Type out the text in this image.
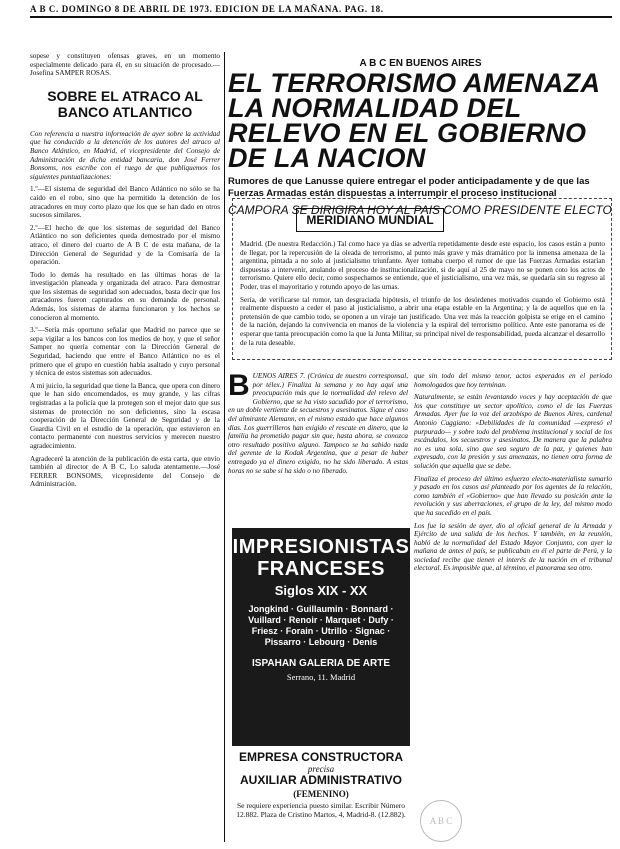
A B C. DOMINGO 8 DE ABRIL DE 1973. EDICION DE LA MAÑANA. PAG. 18.

sopese y constituyen ofensas graves, en un momento especialmente delicado para él, en su situación de procesado.—Josefina SAMPER ROSAS.

SOBRE EL ATRACO AL BANCO ATLANTICO

Con referencia a nuestra información de ayer sobre la actividad que ha conducido a la detención de los autores del atraco al Banco Atlántico, en Madrid, el vicepresidente del Consejo de Administración de dicha entidad bancaria, don José Ferrer Bonsoms, nos escribe con el ruego de que publiquemos los siguientes puntualizaciones:

1.º—El sistema de seguridad del Banco Atlántico no sólo se ha caído en el robo, sino que ha permitido la detención de los atracadores en muy corto plazo que los que se han dado en otros sucesos similares.

2.º—El hecho de que los sistemas de seguridad del Banco Atlántico no son deficientes queda demostrado por el mismo atraco, el dinero del cuarto de A B C de esta mañana, de la Dirección General de Seguridad y de la Comisaría de la operación.

Todo lo demás ha resultado en las últimas horas de la investigación planeada y organizada del atraco. Para demostrar que los sistemas de seguridad son adecuados, basta decir que los atracadores fueron capturados en su demanda de personal. Además, los sistemas de alarma funcionaron y los hechos se conocieron al momento.

3.º—Sería más oportuno señalar que Madrid no parece que se sepa vigilar a los bancos con los medios de hoy, y que el señor Samper no quería comentar con la Dirección General de Seguridad, haciendo que entre el Banco Atlántico no es el primero que el grupo en cuestión había asaltado y cuyo personal y técnica de estos sistemas son adecuados.

A mi juicio, la seguridad que tiene la Banca, que opera con dinero que le han sido encomendados, es muy grande, y las cifras registradas a la policía que la protegen son el mejor dato que sus sistemas de protección no son deficientes, sino la escasa cooperación de la Dirección General de Seguridad y de la Guardia Civil en el estudio de la operación, que estuvieron en contacto permanente con nuestros servicios y merecen nuestro agradecimiento.

Agradeceré la atención de la publicación de esta carta, que envío también al director de A B C, Lo saluda atentamente.—José FERRER BONSOMS, vicepresidente del Consejo de Administración.

A B C EN BUENOS AIRES
EL TERRORISMO AMENAZA LA NORMALIDAD DEL RELEVO EN EL GOBIERNO DE LA NACION
Rumores de que Lanusse quiere entregar el poder anticipadamente y de que las Fuerzas Armadas están dispuestas a interrumpir el proceso institucional
CAMPORA SE DIRIGIRA HOY AL PAIS COMO PRESIDENTE ELECTO
MERIDIANO MUNDIAL

Madrid. (De nuestra Redacción.) Tal como hace ya días se advertía repetidamente desde este espacio, los casos están a punto de llegar, por la repercusión de la oleada de terrorismo, al punto más grave y más dramático por la inmensa amenaza de la argentina, pintada a no solo al justicialismo triunfante. Ayer tomaba cuerpo el rumor de que las Fuerzas Armadas estarían dispuestas a intervenir, anulando el proceso de institucionalización, si de aquí al 25 de mayo no se ponen coto los actos de terrorismo. Quiere ello decir, como sospechamos se entiende, que el justicialismo, una vez más, se quedaría sin su regreso al Poder, tras el mayoritario y rotundo apoyo de las urnas.

Sería, de verificarse tal rumor, tan desgraciada hipótesis, el triunfo de los desórdenes motivados cuando el Gobierno está realmente dispuesto a ceder el paso al justicialismo, a abrir una etapa estable en la Argentina; y la de aquellos que en la pretensión de que cambio todo, se oponen a un viraje tan justificado. Una vez más la reacción golpista se erige en el camino de la nación, dejando la convivencia en manos de la violencia y la espiral del terrorismo político. Ante este panorama es de esperar que tanta preocupación como la que la Junta Militar, su principal nivel de responsabilidad, pueda alcanzar el desarrollo de la ruta deseable.

B UENOS AIRES 7. (Crónica de nuestro corresponsal, por télex.) Finaliza la semana y no hay aquí una preocupación más que la normalidad del relevo del Gobierno, que se ha visto sacudido por el terrorismo, en un doble vertiente de secuestros y asesinatos. Sigue el caso del almirante Alemann, en el mismo estado que hace algunos días. Los guerrilleros han exigido el rescate en dinero, que la familia ha prometido pagar sin que, hasta ahora, se conozca otro resultado positivo alguno. Tampoco se ha sabido nada del gerente de la Kodak Argentina, que a pesar de haber entregado ya el dinero exigido, no ha sido liberado. A estas horas no se sabe si ha sido o no liberado.

IMPRESIONISTAS FRANCESES
Siglos XIX - XX
Jongkind · Guillaumin · Bonnard · Vuillard · Renoir · Marquet · Dufy · Friesz · Forain · Utrillo · Signac · Pissarro · Lebourg · Denis
ISPAHAN GALERIA DE ARTE
Serrano, 11. Madrid
EMPRESA CONSTRUCTORA
precisa
AUXILIAR ADMINISTRATIVO
(FEMENINO)
Se requiere experiencia puesto similar. Escribir Número 12.882. Plaza de Cristino Martos, 4, Madrid-8. (12.882).

que sin todo del mismo tenor, actos esperados en el periodo homologados que hoy terminan.

Naturalmente, se están levantando voces y hay aceptación de que los que constituye un sector apolítico, como el de las Fuerzas Armadas. Ayer fue la voz del arzobispo de Buenos Aires, cardenal Antonio Caggiano: «Debilidades de la comunidad —expresó el purpurado— y sobre todo del problema institucional y social de los escándalos, los secuestros y asesinatos. De manera que la palabra no es una sola, sino que sea seguro de la paz, y quienes han expresado, con la presión y sus amenazas, no tienen otra forma de solución que aquella que se debe.

Finaliza el proceso del último esfuerzo electo-materialista sumarlo y pasado en los casos así planteado por los agentes de la relación, como también el «Gobierno» que han llevado su posición ante la revolución y sus aberraciones, el grupo de la ley, del mismo modo que ha sucedido en el país.

Los fue la sesión de ayer, dio al oficial general de la Armada y Ejército de una salida de los hechos. Y también, en la reunión, habló de la normalidad del Estado Mayor Conjunto, con ayer la mañana de antes el país, se publicaban en él el parte de Perú, y la sociedad recibe que tienen el interés de la nación en el tribunal electoral. Es imposible que, al término, el panorama sea otro.

A B C
